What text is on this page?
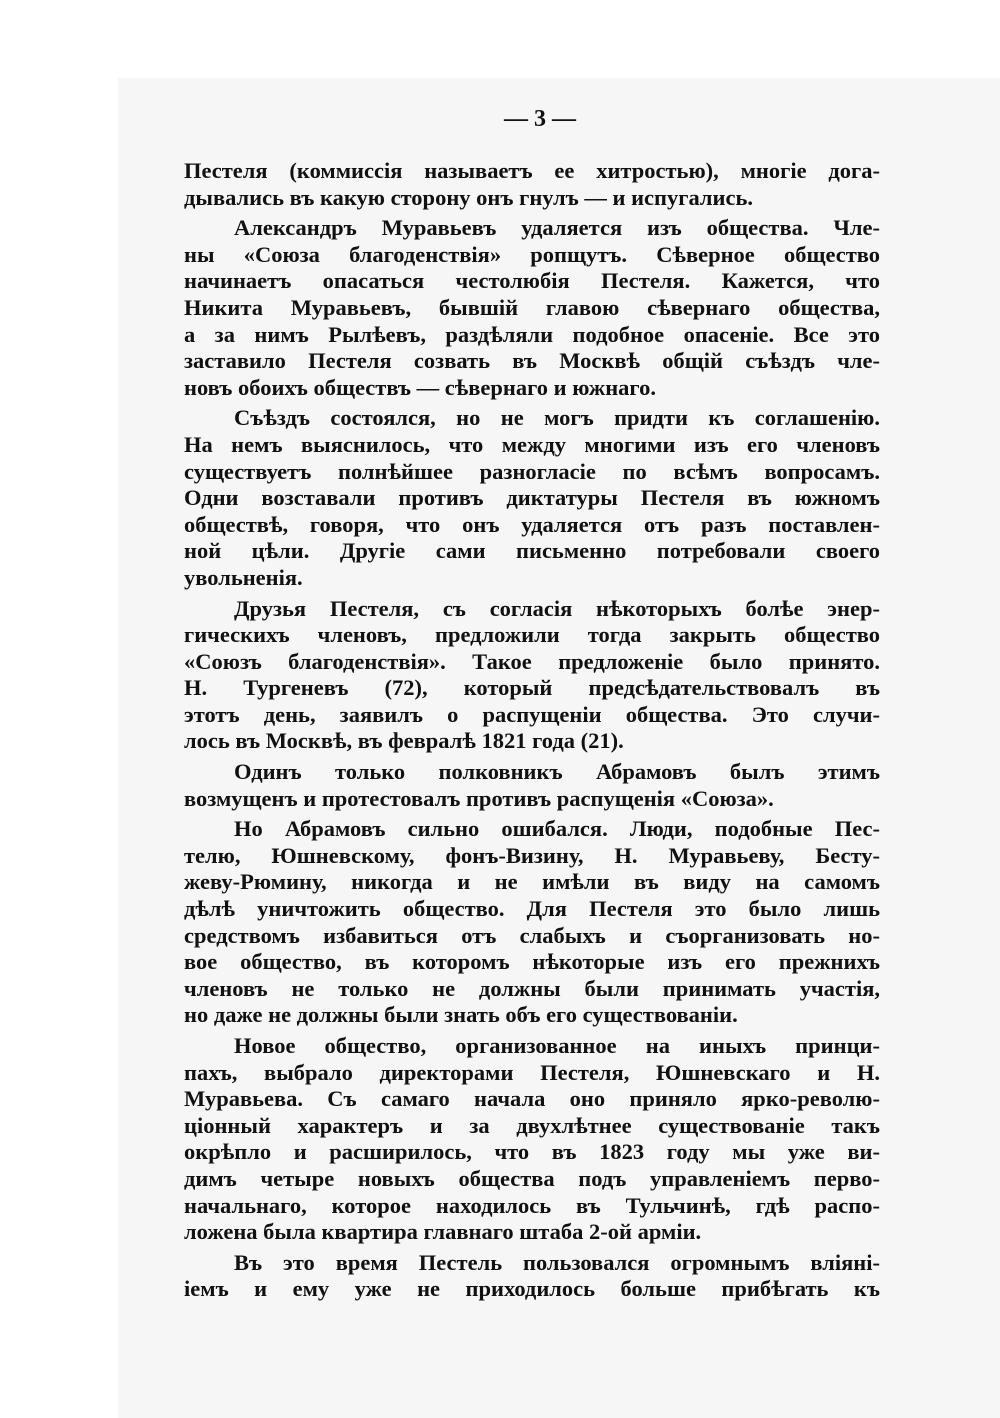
— 3 —
Пестеля (коммиссія называетъ ее хитростью), многіе дога-
дывались въ какую сторону онъ гнулъ — и испугались.
Александръ Муравьевъ удаляется изъ общества. Чле-
ны «Союза благоденствія» ропщутъ. Сѣверное общество
начинаетъ опасаться честолюбія Пестеля. Кажется, что
Никита Муравьевъ, бывшій главою сѣвернаго общества,
а за нимъ Рылѣевъ, раздѣляли подобное опасеніе. Все это
заставило Пестеля созвать въ Москвѣ общій съѣздъ чле-
новъ обоихъ обществъ — сѣвернаго и южнаго.
Съѣздъ состоялся, но не могъ придти къ соглашенію.
На немъ выяснилось, что между многими изъ его членовъ
существуетъ полнѣйшее разногласіе по всѣмъ вопросамъ.
Одни возставали противъ диктатуры Пестеля въ южномъ
обществѣ, говоря, что онъ удаляется отъ разъ поставлен-
ной цѣли. Другіе сами письменно потребовали своего
увольненія.
Друзья Пестеля, съ согласія нѣкоторыхъ болѣе энер-
гическихъ членовъ, предложили тогда закрыть общество
«Союзъ благоденствія». Такое предложеніе было принято.
Н. Тургеневъ (72), который предсѣдательствовалъ въ
этотъ день, заявилъ о распущеніи общества. Это случи-
лось въ Москвѣ, въ февралѣ 1821 года (21).
Одинъ только полковникъ Абрамовъ былъ этимъ
возмущенъ и протестовалъ противъ распущенія «Союза».
Но Абрамовъ сильно ошибался. Люди, подобные Пес-
телю, Юшневскому, фонъ-Визину, Н. Муравьеву, Бесту-
жеву-Рюмину, никогда и не имѣли въ виду на самомъ
дѣлѣ уничтожить общество. Для Пестеля это было лишь
средствомъ избавиться отъ слабыхъ и съорганизовать но-
вое общество, въ которомъ нѣкоторые изъ его прежнихъ
членовъ не только не должны были принимать участія,
но даже не должны были знать объ его существованіи.
Новое общество, организованное на иныхъ принци-
пахъ, выбрало директорами Пестеля, Юшневскаго и Н.
Муравьева. Съ самаго начала оно приняло ярко-револю-
ціонный характеръ и за двухлѣтнее существованіе такъ
окрѣпло и расширилось, что въ 1823 году мы уже ви-
димъ четыре новыхъ общества подъ управленіемъ перво-
начальнаго, которое находилось въ Тульчинѣ, гдѣ распо-
ложена была квартира главнаго штаба 2-ой арміи.
Въ это время Пестель пользовался огромнымъ вліяні-
іемъ и ему уже не приходилось больше прибѣгать къ
